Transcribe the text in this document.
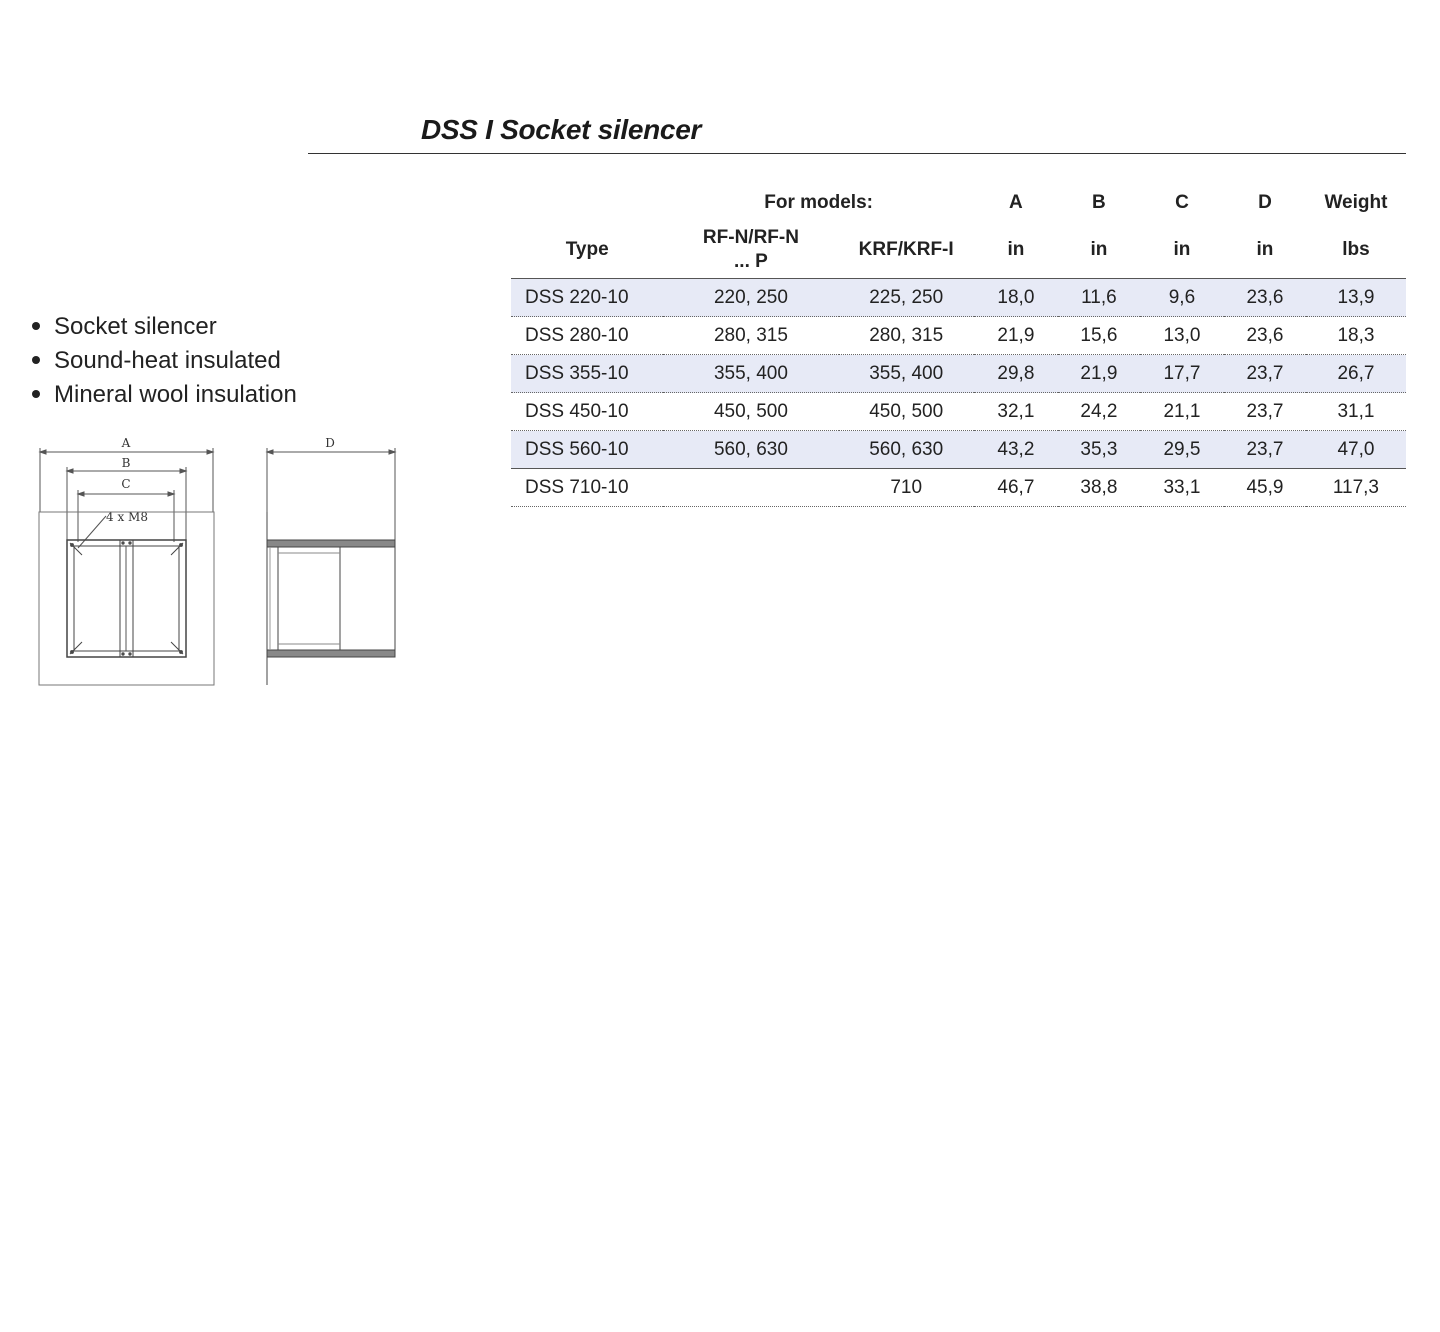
DSS I Socket silencer
Socket silencer
Sound-heat insulated
Mineral wool insulation
A
B
C
4 x M8
D
	For models:		A	B	C	D	Weight
Type	RF-N/RF-N ... P	KRF/KRF-I	in	in	in	in	lbs
DSS 220-10	220, 250	225, 250	18,0	11,6	9,6	23,6	13,9
DSS 280-10	280, 315	280, 315	21,9	15,6	13,0	23,6	18,3
DSS 355-10	355, 400	355, 400	29,8	21,9	17,7	23,7	26,7
DSS 450-10	450, 500	450, 500	32,1	24,2	21,1	23,7	31,1
DSS 560-10	560, 630	560, 630	43,2	35,3	29,5	23,7	47,0
DSS 710-10		710	46,7	38,8	33,1	45,9	117,3
